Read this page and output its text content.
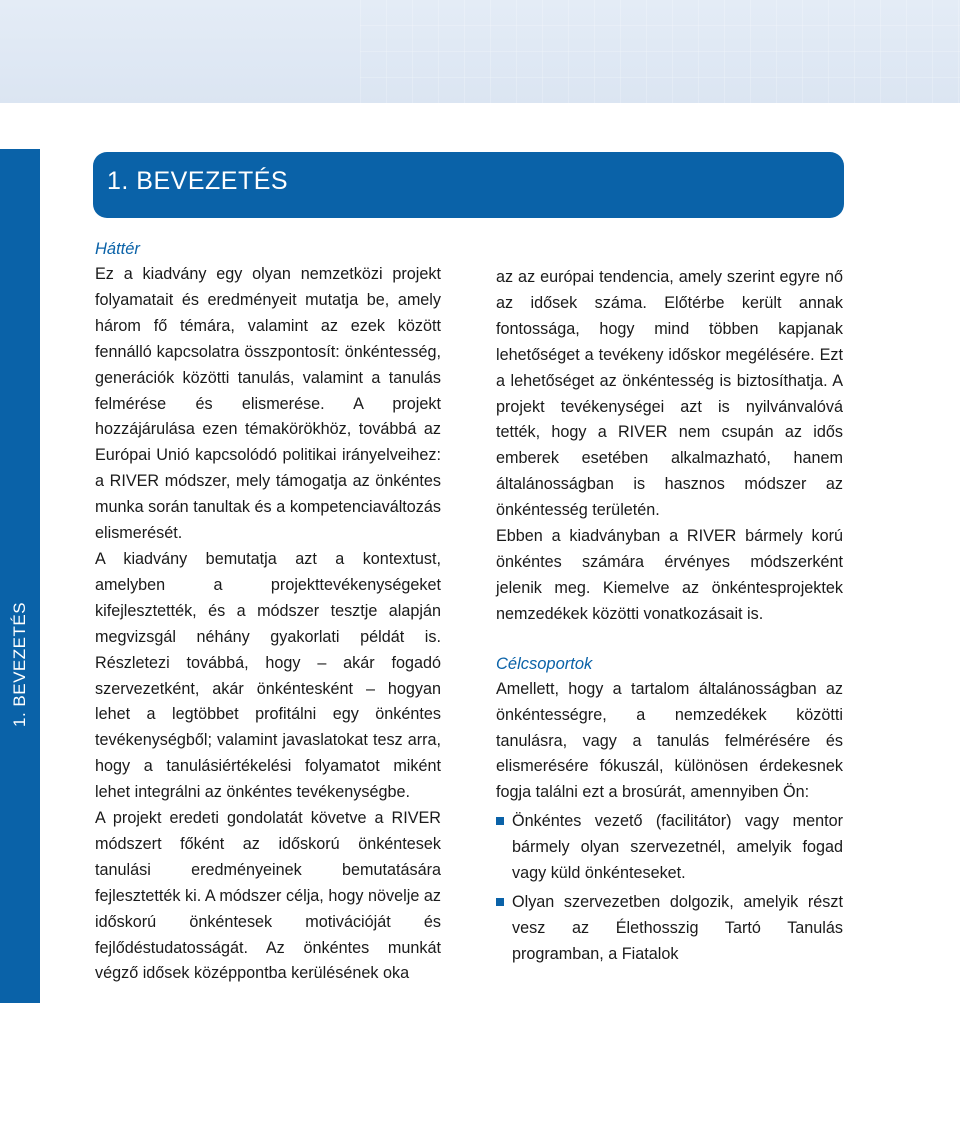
1. BEVEZETÉS
2
1. BEVEZETÉS

Háttér

Ez a kiadvány egy olyan nemzetközi projekt folyamatait és eredményeit mutatja be, amely három fő témára, valamint az ezek között fennálló kapcsolatra összpontosít: önkéntesség, generációk közötti tanulás, valamint a tanulás felmérése és elismerése. A projekt hozzájárulása ezen témakörökhöz, továbbá az Európai Unió kapcsolódó politikai irányelveihez: a RIVER módszer, mely támogatja az önkéntes munka során tanultak és a kompetenciaváltozás elismerését.

A kiadvány bemutatja azt a kontextust, amelyben a projekttevékenységeket kifejlesztették, és a módszer tesztje alapján megvizsgál néhány gyakorlati példát is. Részletezi továbbá, hogy – akár fogadó szervezetként, akár önkéntesként – hogyan lehet a legtöbbet profitálni egy önkéntes tevékenységből; valamint javaslatokat tesz arra, hogy a tanulásiértékelési folyamatot miként lehet integrálni az önkéntes tevékenységbe.

A projekt eredeti gondolatát követve a RIVER módszert főként az időskorú önkéntesek tanulási eredményeinek bemutatására fejlesztették ki. A módszer célja, hogy növelje az időskorú önkéntesek motivációját és fejlődéstudatosságát. Az önkéntes munkát végző idősek középpontba kerülésének oka

az az európai tendencia, amely szerint egyre nő az idősek száma. Előtérbe került annak fontossága, hogy mind többen kapjanak lehetőséget a tevékeny időskor megélésére. Ezt a lehetőséget az önkéntesség is biztosíthatja. A projekt tevékenységei azt is nyilvánvalóvá tették, hogy a RIVER nem csupán az idős emberek esetében alkalmazható, hanem általánosságban is hasznos módszer az önkéntesség területén.

Ebben a kiadványban a RIVER bármely korú önkéntes számára érvényes módszerként jelenik meg. Kiemelve az önkéntesprojektek nemzedékek közötti vonatkozásait is.

Célcsoportok

Amellett, hogy a tartalom általánosságban az önkéntességre, a nemzedékek közötti tanulásra, vagy a tanulás felmérésére és elismerésére fókuszál, különösen érdekesnek fogja találni ezt a brosúrát, amennyiben Ön:

Önkéntes vezető (facilitátor) vagy mentor bármely olyan szervezetnél, amelyik fogad vagy küld önkénteseket.
Olyan szervezetben dolgozik, amelyik részt vesz az Élethosszig Tartó Tanulás programban, a Fiatalok
